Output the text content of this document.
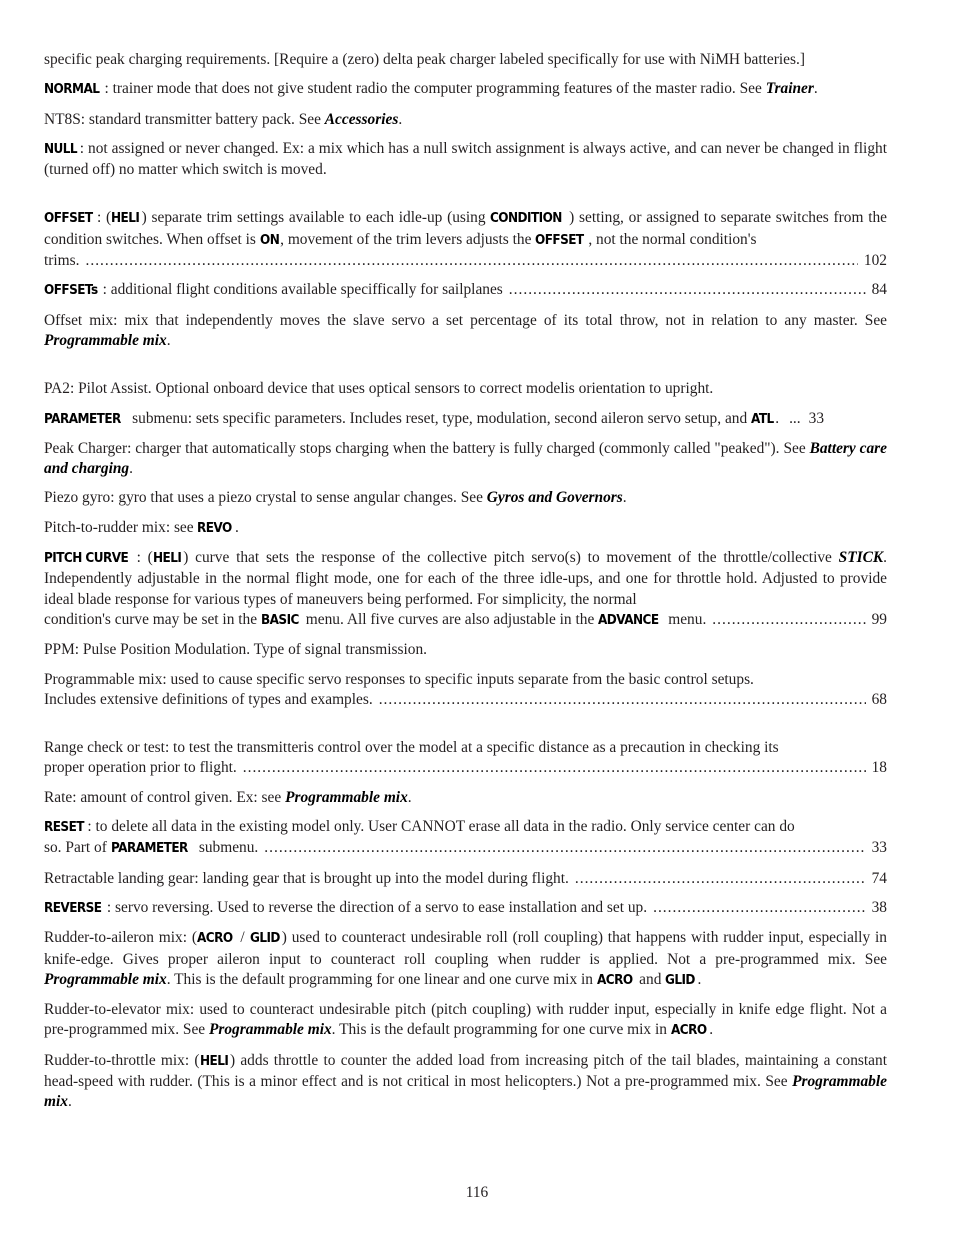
specific peak charging requirements. [Require a (zero) delta peak charger labeled specifically for use with NiMH batteries.]

NORMAL : trainer mode that does not give student radio the computer programming features of the master radio. See Trainer.

NT8S: standard transmitter battery pack. See Accessories.

NULL : not assigned or never changed. Ex: a mix which has a null switch assignment is always active, and can never be changed in flight (turned off) no matter which switch is moved.

OFFSET : (HELI ) separate trim settings available to each idle-up (using CONDITION ) setting, or assigned to separate switches from the condition switches. When offset is ON, movement of the trim levers adjusts the OFFSET , not the normal condition's
trims. .....	102
OFFSETs : additional flight conditions available speciffically for sailplanes .....	84

Offset mix: mix that independently moves the slave servo a set percentage of its total throw, not in relation to any master. See Programmable mix.

PA2: Pilot Assist. Optional onboard device that uses optical sensors to correct modelis orientation to upright.

PARAMETER submenu: sets specific parameters. Includes reset, type, modulation, second aileron servo setup, and ATL. ... 33

Peak Charger: charger that automatically stops charging when the battery is fully charged (commonly called "peaked"). See Battery care and charging.

Piezo gyro: gyro that uses a piezo crystal to sense angular changes. See Gyros and Governors.

Pitch-to-rudder mix: see REVO .

PITCH CURVE : (HELI ) curve that sets the response of the collective pitch servo(s) to movement of the throttle/collective STICK. Independently adjustable in the normal flight mode, one for each of the three idle-ups, and one for throttle hold. Adjusted to provide ideal blade response for various types of maneuvers being performed. For simplicity, the normal
condition's curve may be set in the BASIC menu. All five curves are also adjustable in the ADVANCE menu. .....	99

PPM: Pulse Position Modulation. Type of signal transmission.

Programmable mix: used to cause specific servo responses to specific inputs separate from the basic control setups.
Includes extensive definitions of types and examples. .....	68
Range check or test: to test the transmitteris control over the model at a specific distance as a precaution in checking its
proper operation prior to flight. .....	18

Rate: amount of control given. Ex: see Programmable mix.

RESET : to delete all data in the existing model only. User CANNOT erase all data in the radio. Only service center can do
so. Part of PARAMETER submenu. .....	33
Retractable landing gear: landing gear that is brought up into the model during flight. .....	74
REVERSE : servo reversing. Used to reverse the direction of a servo to ease installation and set up. .....	38

Rudder-to-aileron mix: (ACRO / GLID ) used to counteract undesirable roll (roll coupling) that happens with rudder input, especially in knife-edge. Gives proper aileron input to counteract roll coupling when rudder is applied. Not a pre-programmed mix. See Programmable mix. This is the default programming for one linear and one curve mix in ACRO and GLID .

Rudder-to-elevator mix: used to counteract undesirable pitch (pitch coupling) with rudder input, especially in knife edge flight. Not a pre-programmed mix. See Programmable mix. This is the default programming for one curve mix in ACRO .

Rudder-to-throttle mix: (HELI ) adds throttle to counter the added load from increasing pitch of the tail blades, maintaining a constant head-speed with rudder. (This is a minor effect and is not critical in most helicopters.) Not a pre-programmed mix. See Programmable mix.

116
